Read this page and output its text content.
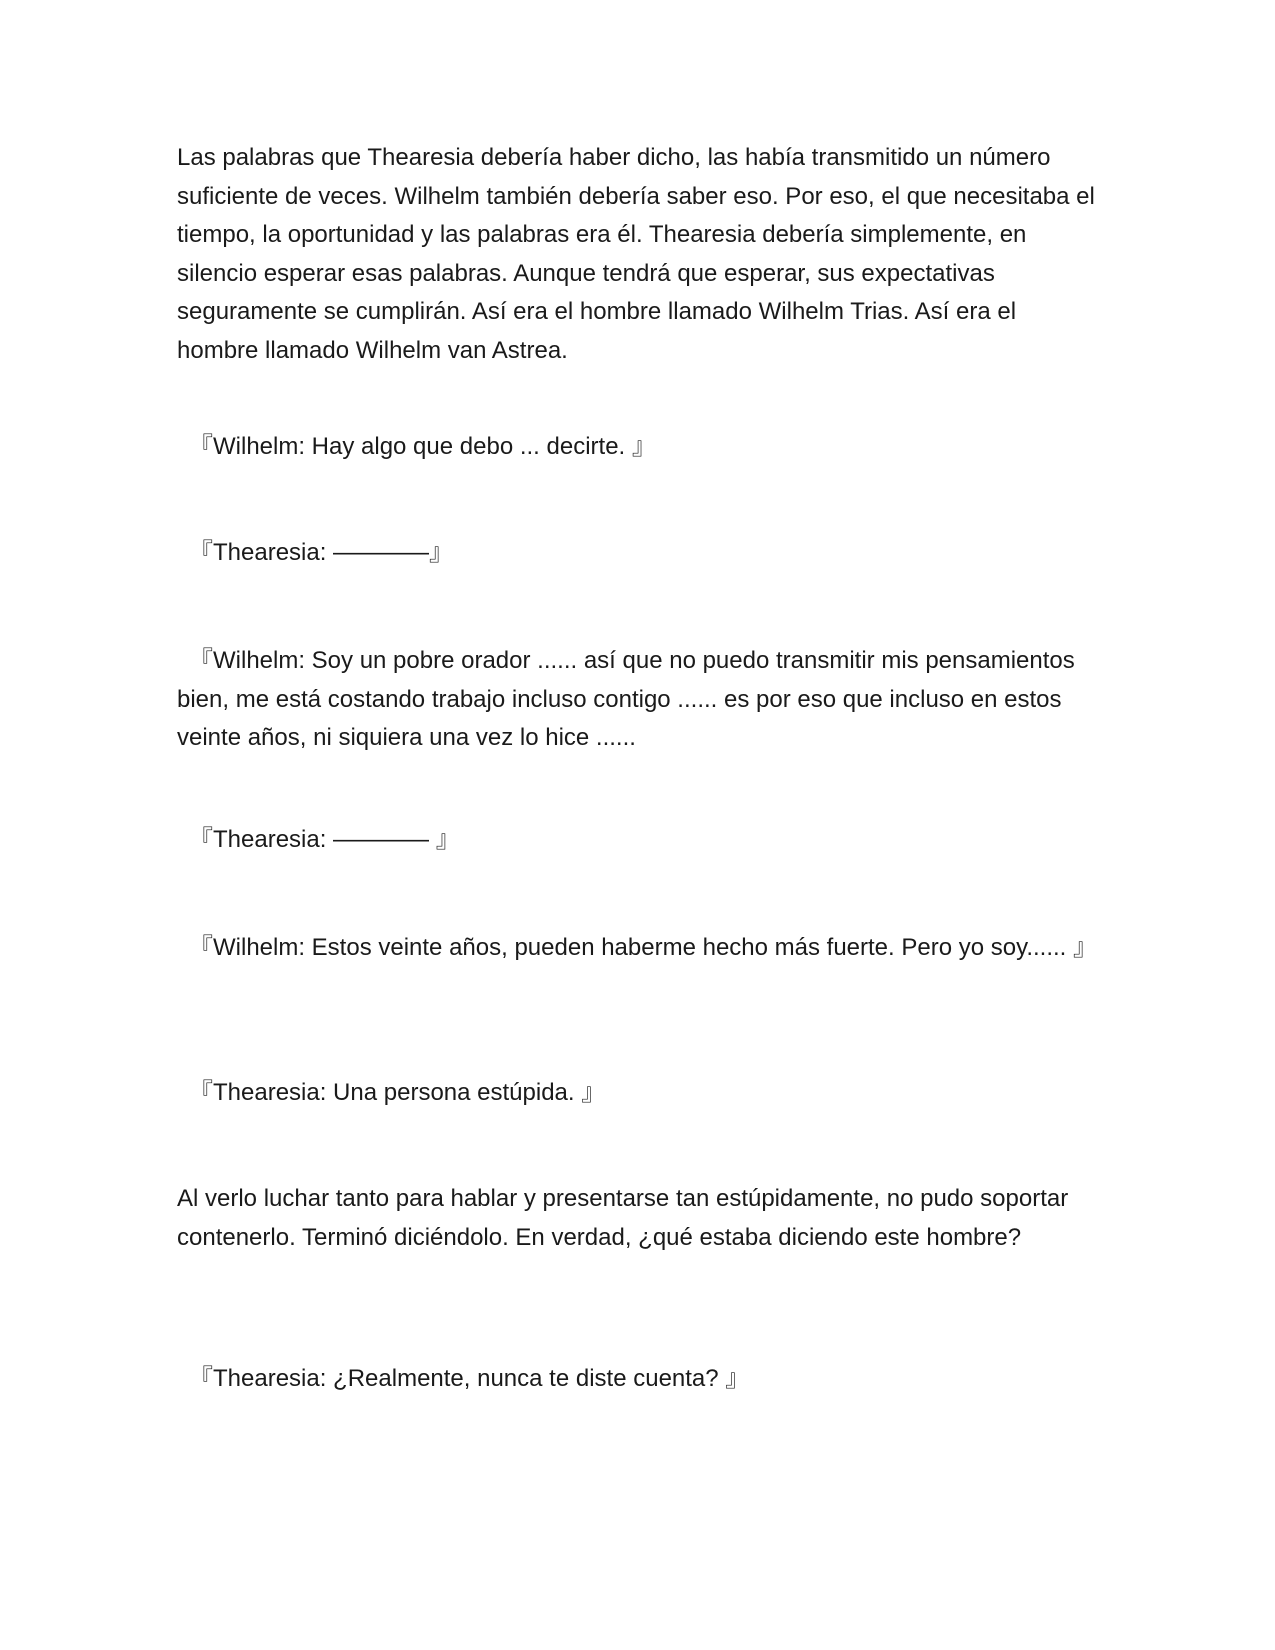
Las palabras que Thearesia debería haber dicho, las había transmitido un número suficiente de veces. Wilhelm también debería saber eso. Por eso, el que necesitaba el tiempo, la oportunidad y las palabras era él. Thearesia debería simplemente, en silencio esperar esas palabras. Aunque tendrá que esperar, sus expectativas seguramente se cumplirán. Así era el hombre llamado Wilhelm Trias. Así era el hombre llamado Wilhelm van Astrea.
『Wilhelm: Hay algo que debo ... decirte. 』
『Thearesia: ————』
『Wilhelm: Soy un pobre orador ...... así que no puedo transmitir mis pensamientos bien, me está costando trabajo incluso contigo ...... es por eso que incluso en estos veinte años, ni siquiera una vez lo hice ......
『Thearesia: ———— 』
『Wilhelm: Estos veinte años, pueden haberme hecho más fuerte. Pero yo soy...... 』
『Thearesia: Una persona estúpida. 』
Al verlo luchar tanto para hablar y presentarse tan estúpidamente, no pudo soportar contenerlo. Terminó diciéndolo. En verdad, ¿qué estaba diciendo este hombre?
『Thearesia: ¿Realmente, nunca te diste cuenta? 』
